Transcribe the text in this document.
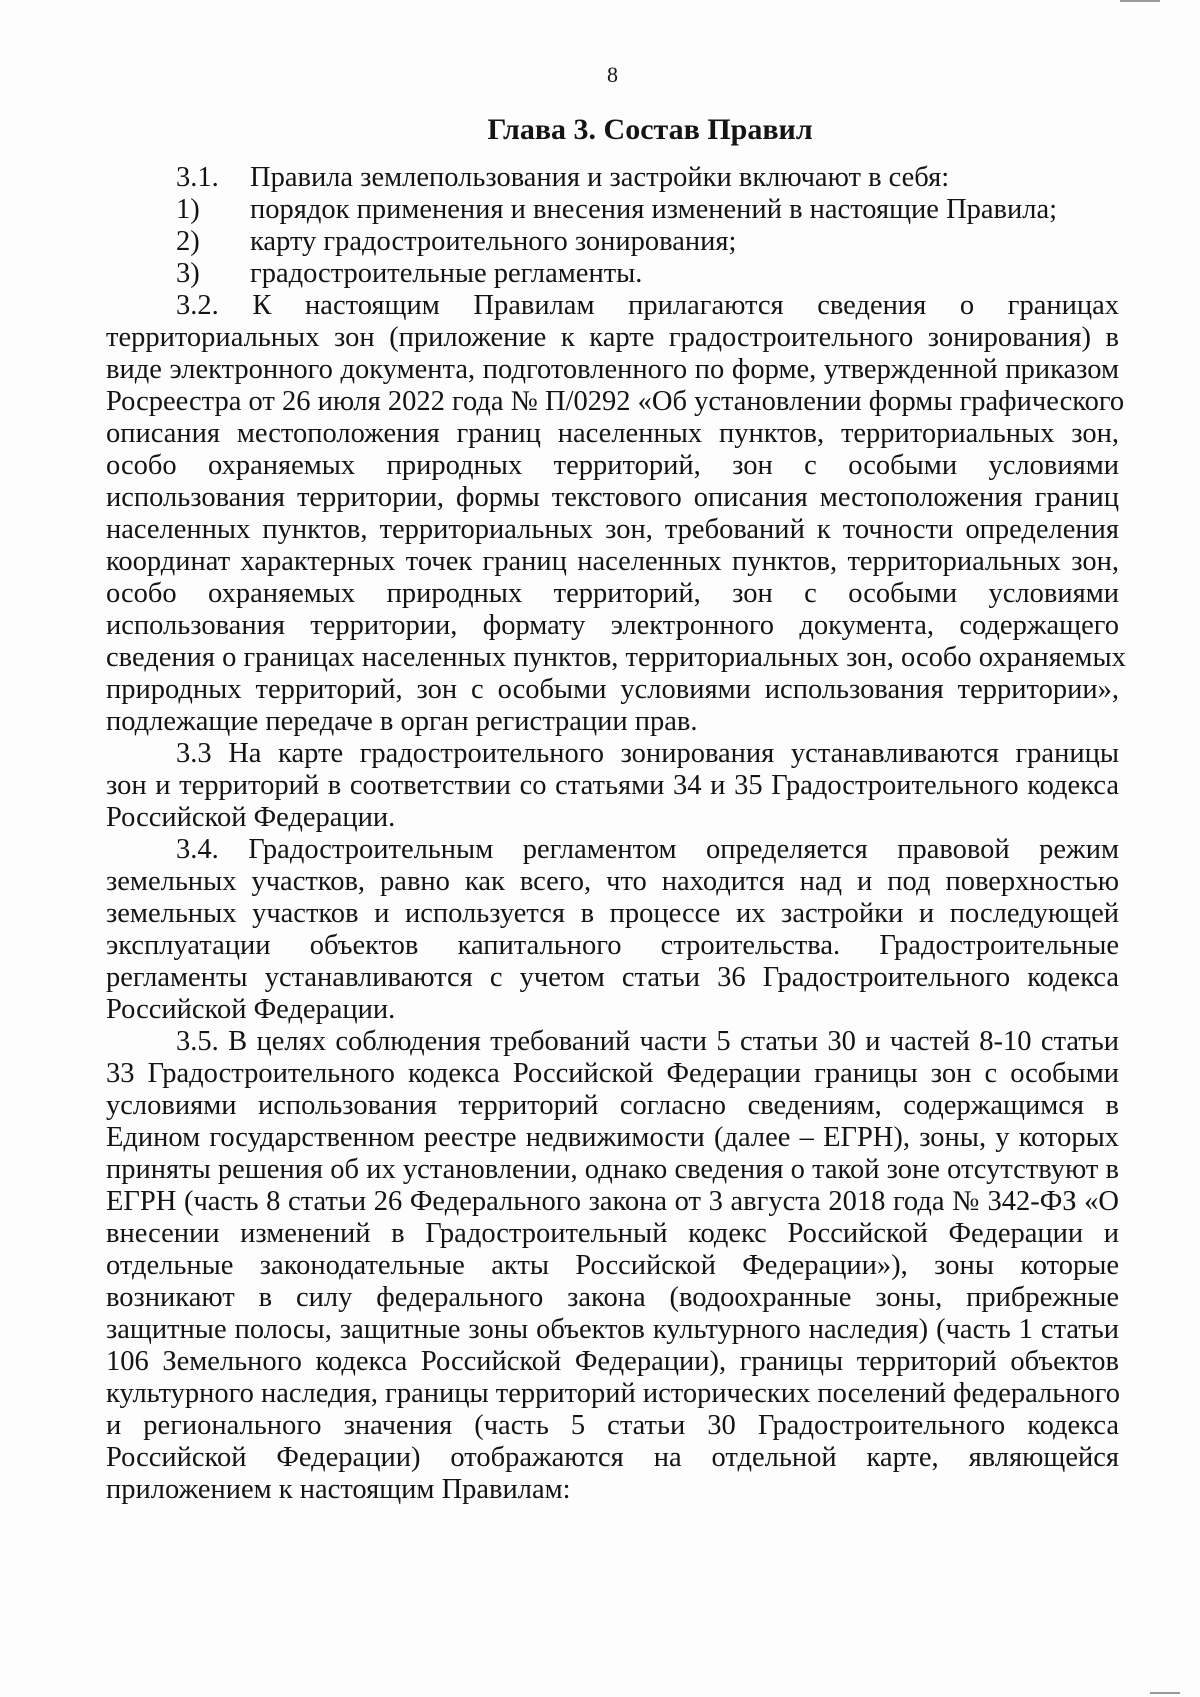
8
Глава 3. Состав Правил
3.1. Правила землепользования и застройки включают в себя:
1) порядок применения и внесения изменений в настоящие Правила;
2) карту градостроительного зонирования;
3) градостроительные регламенты.
3.2. К настоящим Правилам прилагаются сведения о границах
территориальных зон (приложение к карте градостроительного зонирования) в
виде электронного документа, подготовленного по форме, утвержденной приказом
Росреестра от 26 июля 2022 года № П/0292 «Об установлении формы графического
описания местоположения границ населенных пунктов, территориальных зон,
особо охраняемых природных территорий, зон с особыми условиями
использования территории, формы текстового описания местоположения границ
населенных пунктов, территориальных зон, требований к точности определения
координат характерных точек границ населенных пунктов, территориальных зон,
особо охраняемых природных территорий, зон с особыми условиями
использования территории, формату электронного документа, содержащего
сведения о границах населенных пунктов, территориальных зон, особо охраняемых
природных территорий, зон с особыми условиями использования территории»,
подлежащие передаче в орган регистрации прав.
3.3 На карте градостроительного зонирования устанавливаются границы
зон и территорий в соответствии со статьями 34 и 35 Градостроительного кодекса
Российской Федерации.
3.4. Градостроительным регламентом определяется правовой режим
земельных участков, равно как всего, что находится над и под поверхностью
земельных участков и используется в процессе их застройки и последующей
эксплуатации объектов капитального строительства. Градостроительные
регламенты устанавливаются с учетом статьи 36 Градостроительного кодекса
Российской Федерации.
3.5. В целях соблюдения требований части 5 статьи 30 и частей 8-10 статьи
33 Градостроительного кодекса Российской Федерации границы зон с особыми
условиями использования территорий согласно сведениям, содержащимся в
Едином государственном реестре недвижимости (далее – ЕГРН), зоны, у которых
приняты решения об их установлении, однако сведения о такой зоне отсутствуют в
ЕГРН (часть 8 статьи 26 Федерального закона от 3 августа 2018 года № 342-ФЗ «О
внесении изменений в Градостроительный кодекс Российской Федерации и
отдельные законодательные акты Российской Федерации»), зоны которые
возникают в силу федерального закона (водоохранные зоны, прибрежные
защитные полосы, защитные зоны объектов культурного наследия) (часть 1 статьи
106 Земельного кодекса Российской Федерации), границы территорий объектов
культурного наследия, границы территорий исторических поселений федерального
и регионального значения (часть 5 статьи 30 Градостроительного кодекса
Российской Федерации) отображаются на отдельной карте, являющейся
приложением к настоящим Правилам:
